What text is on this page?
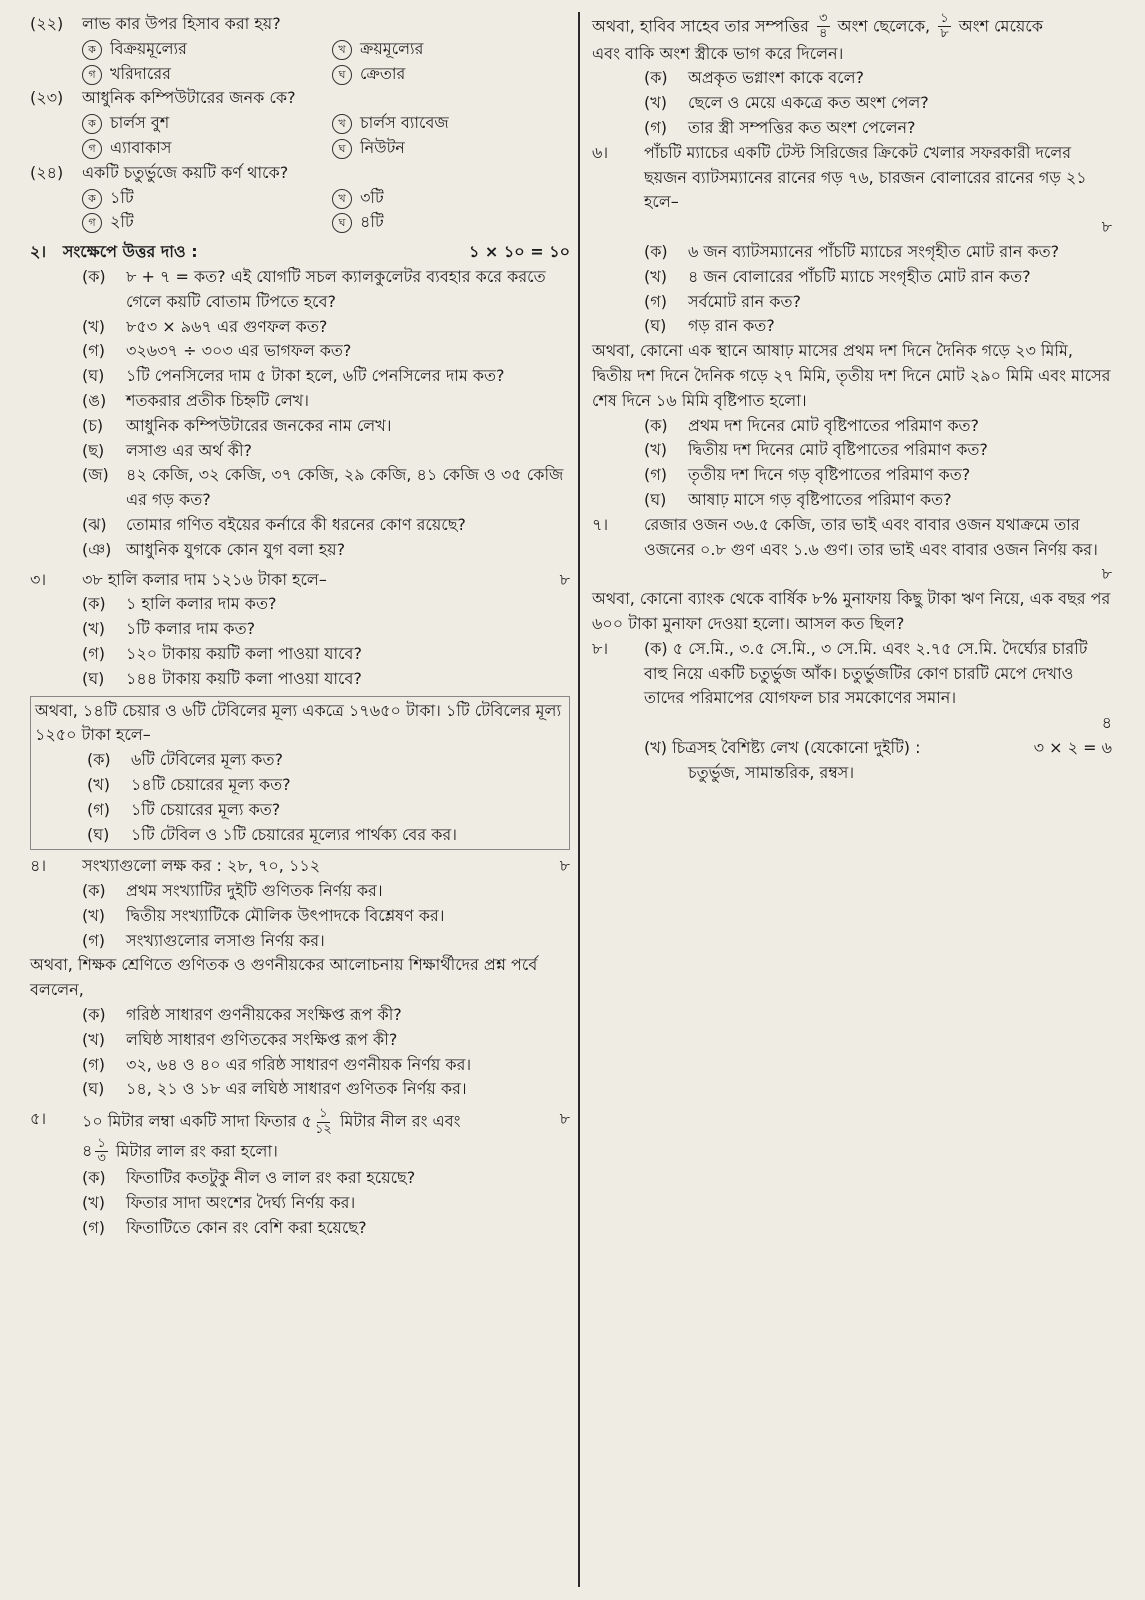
(২২)	লাভ কার উপর হিসাব করা হয়?
ক বিক্রয়মূল্যের	খ ক্রয়মূল্যের
গ খরিদারের	ঘ ক্রেতার
(২৩)	আধুনিক কম্পিউটারের জনক কে?
ক চার্লস বুশ	খ চার্লস ব্যাবেজ
গ এ্যাবাকাস	ঘ নিউটন
(২৪)	একটি চতুর্ভুজে কয়টি কর্ণ থাকে?
ক ১টি	খ ৩টি
গ ২টি	ঘ ৪টি
২। সংক্ষেপে উত্তর দাও :	১ × ১০ = ১০
(ক)	৮ + ৭ = কত? এই যোগটি সচল ক্যালকুলেটর ব্যবহার করে করতে গেলে কয়টি বোতাম টিপতে হবে?
(খ)	৮৫৩ × ৯৬৭ এর গুণফল কত?
(গ)	৩২৬৩৭ ÷ ৩০৩ এর ভাগফল কত?
(ঘ)	১টি পেনসিলের দাম ৫ টাকা হলে, ৬টি পেনসিলের দাম কত?
(ঙ)	শতকরার প্রতীক চিহ্নটি লেখ।
(চ)	আধুনিক কম্পিউটারের জনকের নাম লেখ।
(ছ)	লসাগু এর অর্থ কী?
(জ)	৪২ কেজি, ৩২ কেজি, ৩৭ কেজি, ২৯ কেজি, ৪১ কেজি ও ৩৫ কেজি এর গড় কত?
(ঝ)	তোমার গণিত বইয়ের কর্নারে কী ধরনের কোণ রয়েছে?
(ঞ) আধুনিক যুগকে কোন যুগ বলা হয়?
৩।	৩৮ হালি কলার দাম ১২১৬ টাকা হলে–	৮
(ক)	১ হালি কলার দাম কত?
(খ)	১টি কলার দাম কত?
(গ)	১২০ টাকায় কয়টি কলা পাওয়া যাবে?
(ঘ)	১৪৪ টাকায় কয়টি কলা পাওয়া যাবে?
অথবা, ১৪টি চেয়ার ও ৬টি টেবিলের মূল্য একত্রে ১৭৬৫০ টাকা। ১টি টেবিলের মূল্য ১২৫০ টাকা হলে–
(ক)	৬টি টেবিলের মূল্য কত?
(খ)	১৪টি চেয়ারের মূল্য কত?
(গ)	১টি চেয়ারের মূল্য কত?
(ঘ)	১টি টেবিল ও ১টি চেয়ারের মূল্যের পার্থক্য বের কর।
৪।	সংখ্যাগুলো লক্ষ কর : ২৮, ৭০, ১১২	৮
(ক)	প্রথম সংখ্যাটির দুইটি গুণিতক নির্ণয় কর।
(খ)	দ্বিতীয় সংখ্যাটিকে মৌলিক উৎপাদকে বিশ্লেষণ কর।
(গ)	সংখ্যাগুলোর লসাগু নির্ণয় কর।
অথবা, শিক্ষক শ্রেণিতে গুণিতক ও গুণনীয়কের আলোচনায় শিক্ষার্থীদের প্রশ্ন পর্বে বললেন,
(ক)	গরিষ্ঠ সাধারণ গুণনীয়কের সংক্ষিপ্ত রূপ কী?
(খ)	লঘিষ্ঠ সাধারণ গুণিতকের সংক্ষিপ্ত রূপ কী?
(গ)	৩২, ৬৪ ও ৪০ এর গরিষ্ঠ সাধারণ গুণনীয়ক নির্ণয় কর।
(ঘ)	১৪, ২১ ও ১৮ এর লঘিষ্ঠ সাধারণ গুণিতক নির্ণয় কর।
৫।	১০ মিটার লম্বা একটি সাদা ফিতার ৫ $\frac{১}{১২}$ মিটার নীল রং এবং

৪ $\frac{১}{৩}$ মিটার লাল রং করা হলো।
৮
(ক)	ফিতাটির কতটুকু নীল ও লাল রং করা হয়েছে?
(খ)	ফিতার সাদা অংশের দৈর্ঘ্য নির্ণয় কর।
(গ)	ফিতাটিতে কোন রং বেশি করা হয়েছে?
অথবা, হাবিব সাহেব তার সম্পত্তির $\frac{৩}{৪}$ অংশ ছেলেকে, $\frac{১}{৮}$ অংশ মেয়েকে
এবং বাকি অংশ স্ত্রীকে ভাগ করে দিলেন।
(ক)	অপ্রকৃত ভগ্নাংশ কাকে বলে?
(খ)	ছেলে ও মেয়ে একত্রে কত অংশ পেল?
(গ)	তার স্ত্রী সম্পত্তির কত অংশ পেলেন?
৬।	পাঁচটি ম্যাচের একটি টেস্ট সিরিজের ক্রিকেট খেলার সফরকারী দলের ছয়জন ব্যাটসম্যানের রানের গড় ৭৬, চারজন বোলারের রানের গড় ২১ হলে–
৮
(ক)	৬ জন ব্যাটসম্যানের পাঁচটি ম্যাচের সংগৃহীত মোট রান কত?
(খ)	৪ জন বোলারের পাঁচটি ম্যাচে সংগৃহীত মোট রান কত?
(গ)	সর্বমোট রান কত?
(ঘ)	গড় রান কত?
অথবা, কোনো এক স্থানে আষাঢ় মাসের প্রথম দশ দিনে দৈনিক গড়ে ২৩ মিমি, দ্বিতীয় দশ দিনে দৈনিক গড়ে ২৭ মিমি, তৃতীয় দশ দিনে মোট ২৯০ মিমি এবং মাসের শেষ দিনে ১৬ মিমি বৃষ্টিপাত হলো।
(ক)	প্রথম দশ দিনের মোট বৃষ্টিপাতের পরিমাণ কত?
(খ)	দ্বিতীয় দশ দিনের মোট বৃষ্টিপাতের পরিমাণ কত?
(গ)	তৃতীয় দশ দিনে গড় বৃষ্টিপাতের পরিমাণ কত?
(ঘ)	আষাঢ় মাসে গড় বৃষ্টিপাতের পরিমাণ কত?
৭।	রেজার ওজন ৩৬.৫ কেজি, তার ভাই এবং বাবার ওজন যথাক্রমে তার ওজনের ০.৮ গুণ এবং ১.৬ গুণ। তার ভাই এবং বাবার ওজন নির্ণয় কর।
৮
অথবা, কোনো ব্যাংক থেকে বার্ষিক ৮% মুনাফায় কিছু টাকা ঋণ নিয়ে, এক বছর পর ৬০০ টাকা মুনাফা দেওয়া হলো। আসল কত ছিল?
৮।	(ক) ৫ সে.মি., ৩.৫ সে.মি., ৩ সে.মি. এবং ২.৭৫ সে.মি. দৈর্ঘ্যের চারটি বাহু নিয়ে একটি চতুর্ভুজ আঁক। চতুর্ভুজটির কোণ চারটি মেপে দেখাও তাদের পরিমাপের যোগফল চার সমকোণের সমান।
৪
(খ) চিত্রসহ বৈশিষ্ট্য লেখ (যেকোনো দুইটি) :	৩ × ২ = ৬
চতুর্ভুজ, সামান্তরিক, রম্বস।
